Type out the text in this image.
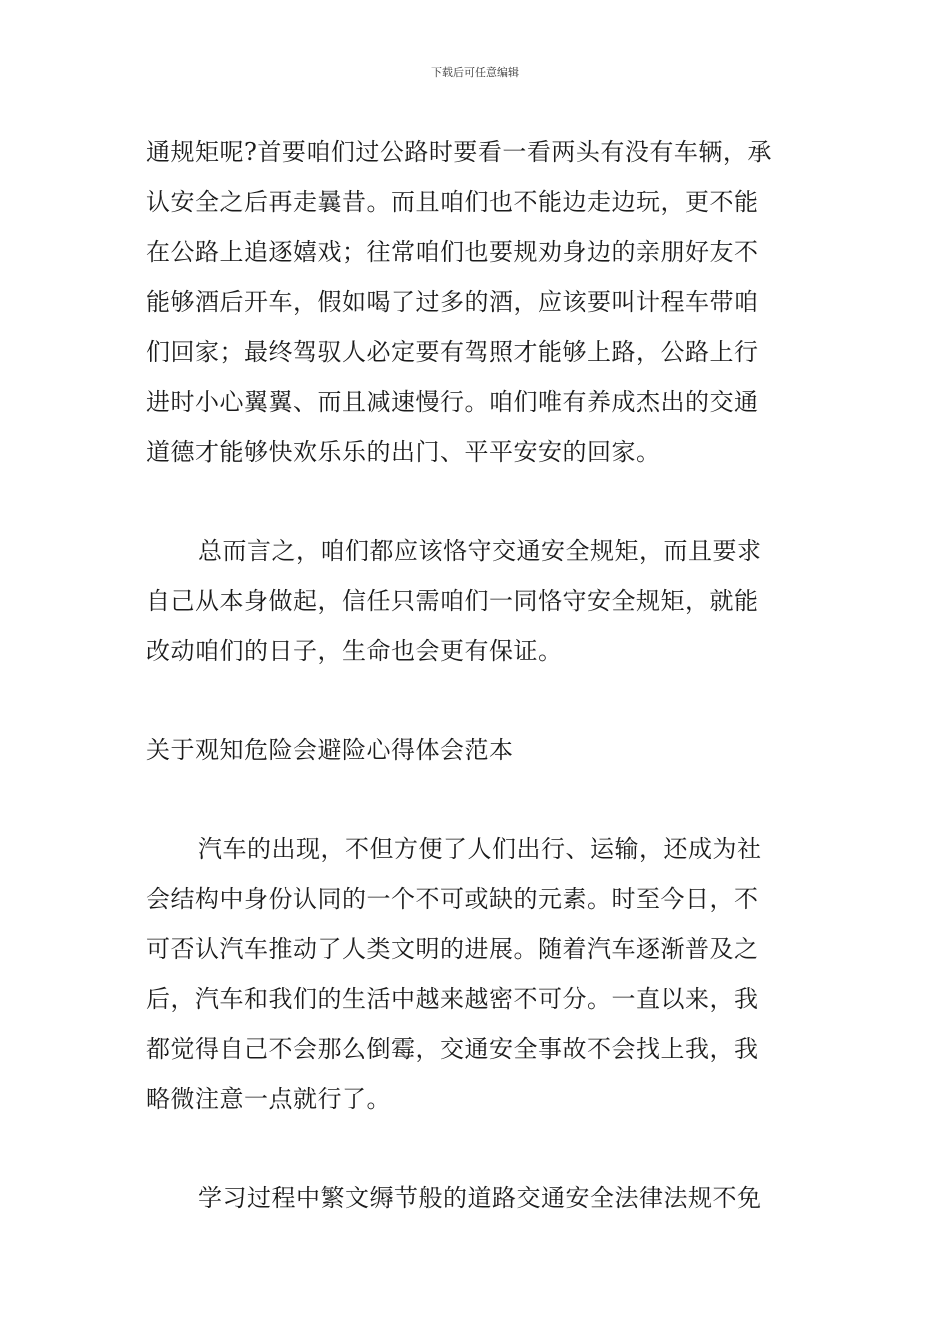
下载后可任意编辑
通规矩呢?首要咱们过公路时要看一看两头有没有车辆，承
认安全之后再走曩昔。而且咱们也不能边走边玩，更不能
在公路上追逐嬉戏；往常咱们也要规劝身边的亲朋好友不
能够酒后开车，假如喝了过多的酒，应该要叫计程车带咱
们回家；最终驾驭人必定要有驾照才能够上路，公路上行
进时小心翼翼、而且减速慢行。咱们唯有养成杰出的交通
道德才能够快欢乐乐的出门、平平安安的回家。
总而言之，咱们都应该恪守交通安全规矩，而且要求
自己从本身做起，信任只需咱们一同恪守安全规矩，就能
改动咱们的日子，生命也会更有保证。
关于观知危险会避险心得体会范本
汽车的出现，不但方便了人们出行、运输，还成为社
会结构中身份认同的一个不可或缺的元素。时至今日，不
可否认汽车推动了人类文明的进展。随着汽车逐渐普及之
后，汽车和我们的生活中越来越密不可分。一直以来，我
都觉得自己不会那么倒霉，交通安全事故不会找上我，我
略微注意一点就行了。
学习过程中繁文缛节般的道路交通安全法律法规不免
